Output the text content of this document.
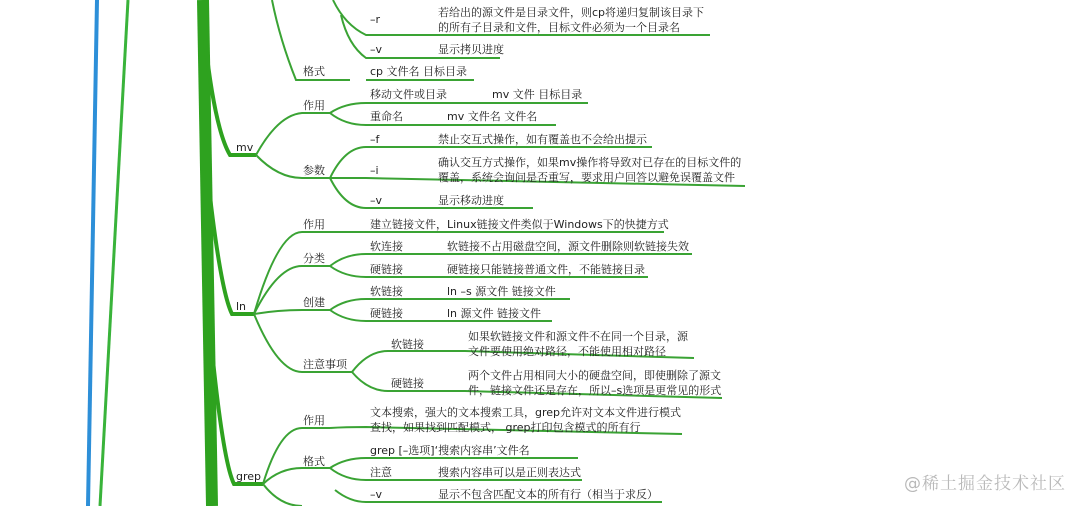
–r
若给出的源文件是目录文件，则cp将递归复制该目录下的所有子目录和文件，目标文件必须为一个目录名
–v	显示拷贝进度
格式	cp 文件名 目标目录
mv
作用
移动文件或目录	mv 文件 目标目录
重命名	mv 文件名 文件名
参数
–f	禁止交互式操作，如有覆盖也不会给出提示
–i
确认交互方式操作，如果mv操作将导致对已存在的目标文件的覆盖，系统会询问是否重写，要求用户回答以避免误覆盖文件
–v	显示移动进度
ln
作用	建立链接文件，Linux链接文件类似于Windows下的快捷方式
分类
软连接	软链接不占用磁盘空间，源文件删除则软链接失效
硬链接	硬链接只能链接普通文件，不能链接目录
创建
软链接	ln –s 源文件 链接文件
硬链接	ln 源文件 链接文件
注意事项
软链接
如果软链接文件和源文件不在同一个目录，源文件要使用绝对路径，不能使用相对路径
硬链接
两个文件占用相同大小的硬盘空间，即使删除了源文件，链接文件还是存在，所以–s选项是更常见的形式
grep
作用
文本搜索，强大的文本搜索工具，grep允许对文本文件进行模式查找，如果找到匹配模式， grep打印包含模式的所有行
格式
grep [–选项]‘搜索内容串’文件名
注意	搜索内容串可以是正则表达式
–v	显示不包含匹配文本的所有行（相当于求反）
@稀土掘金技术社区
